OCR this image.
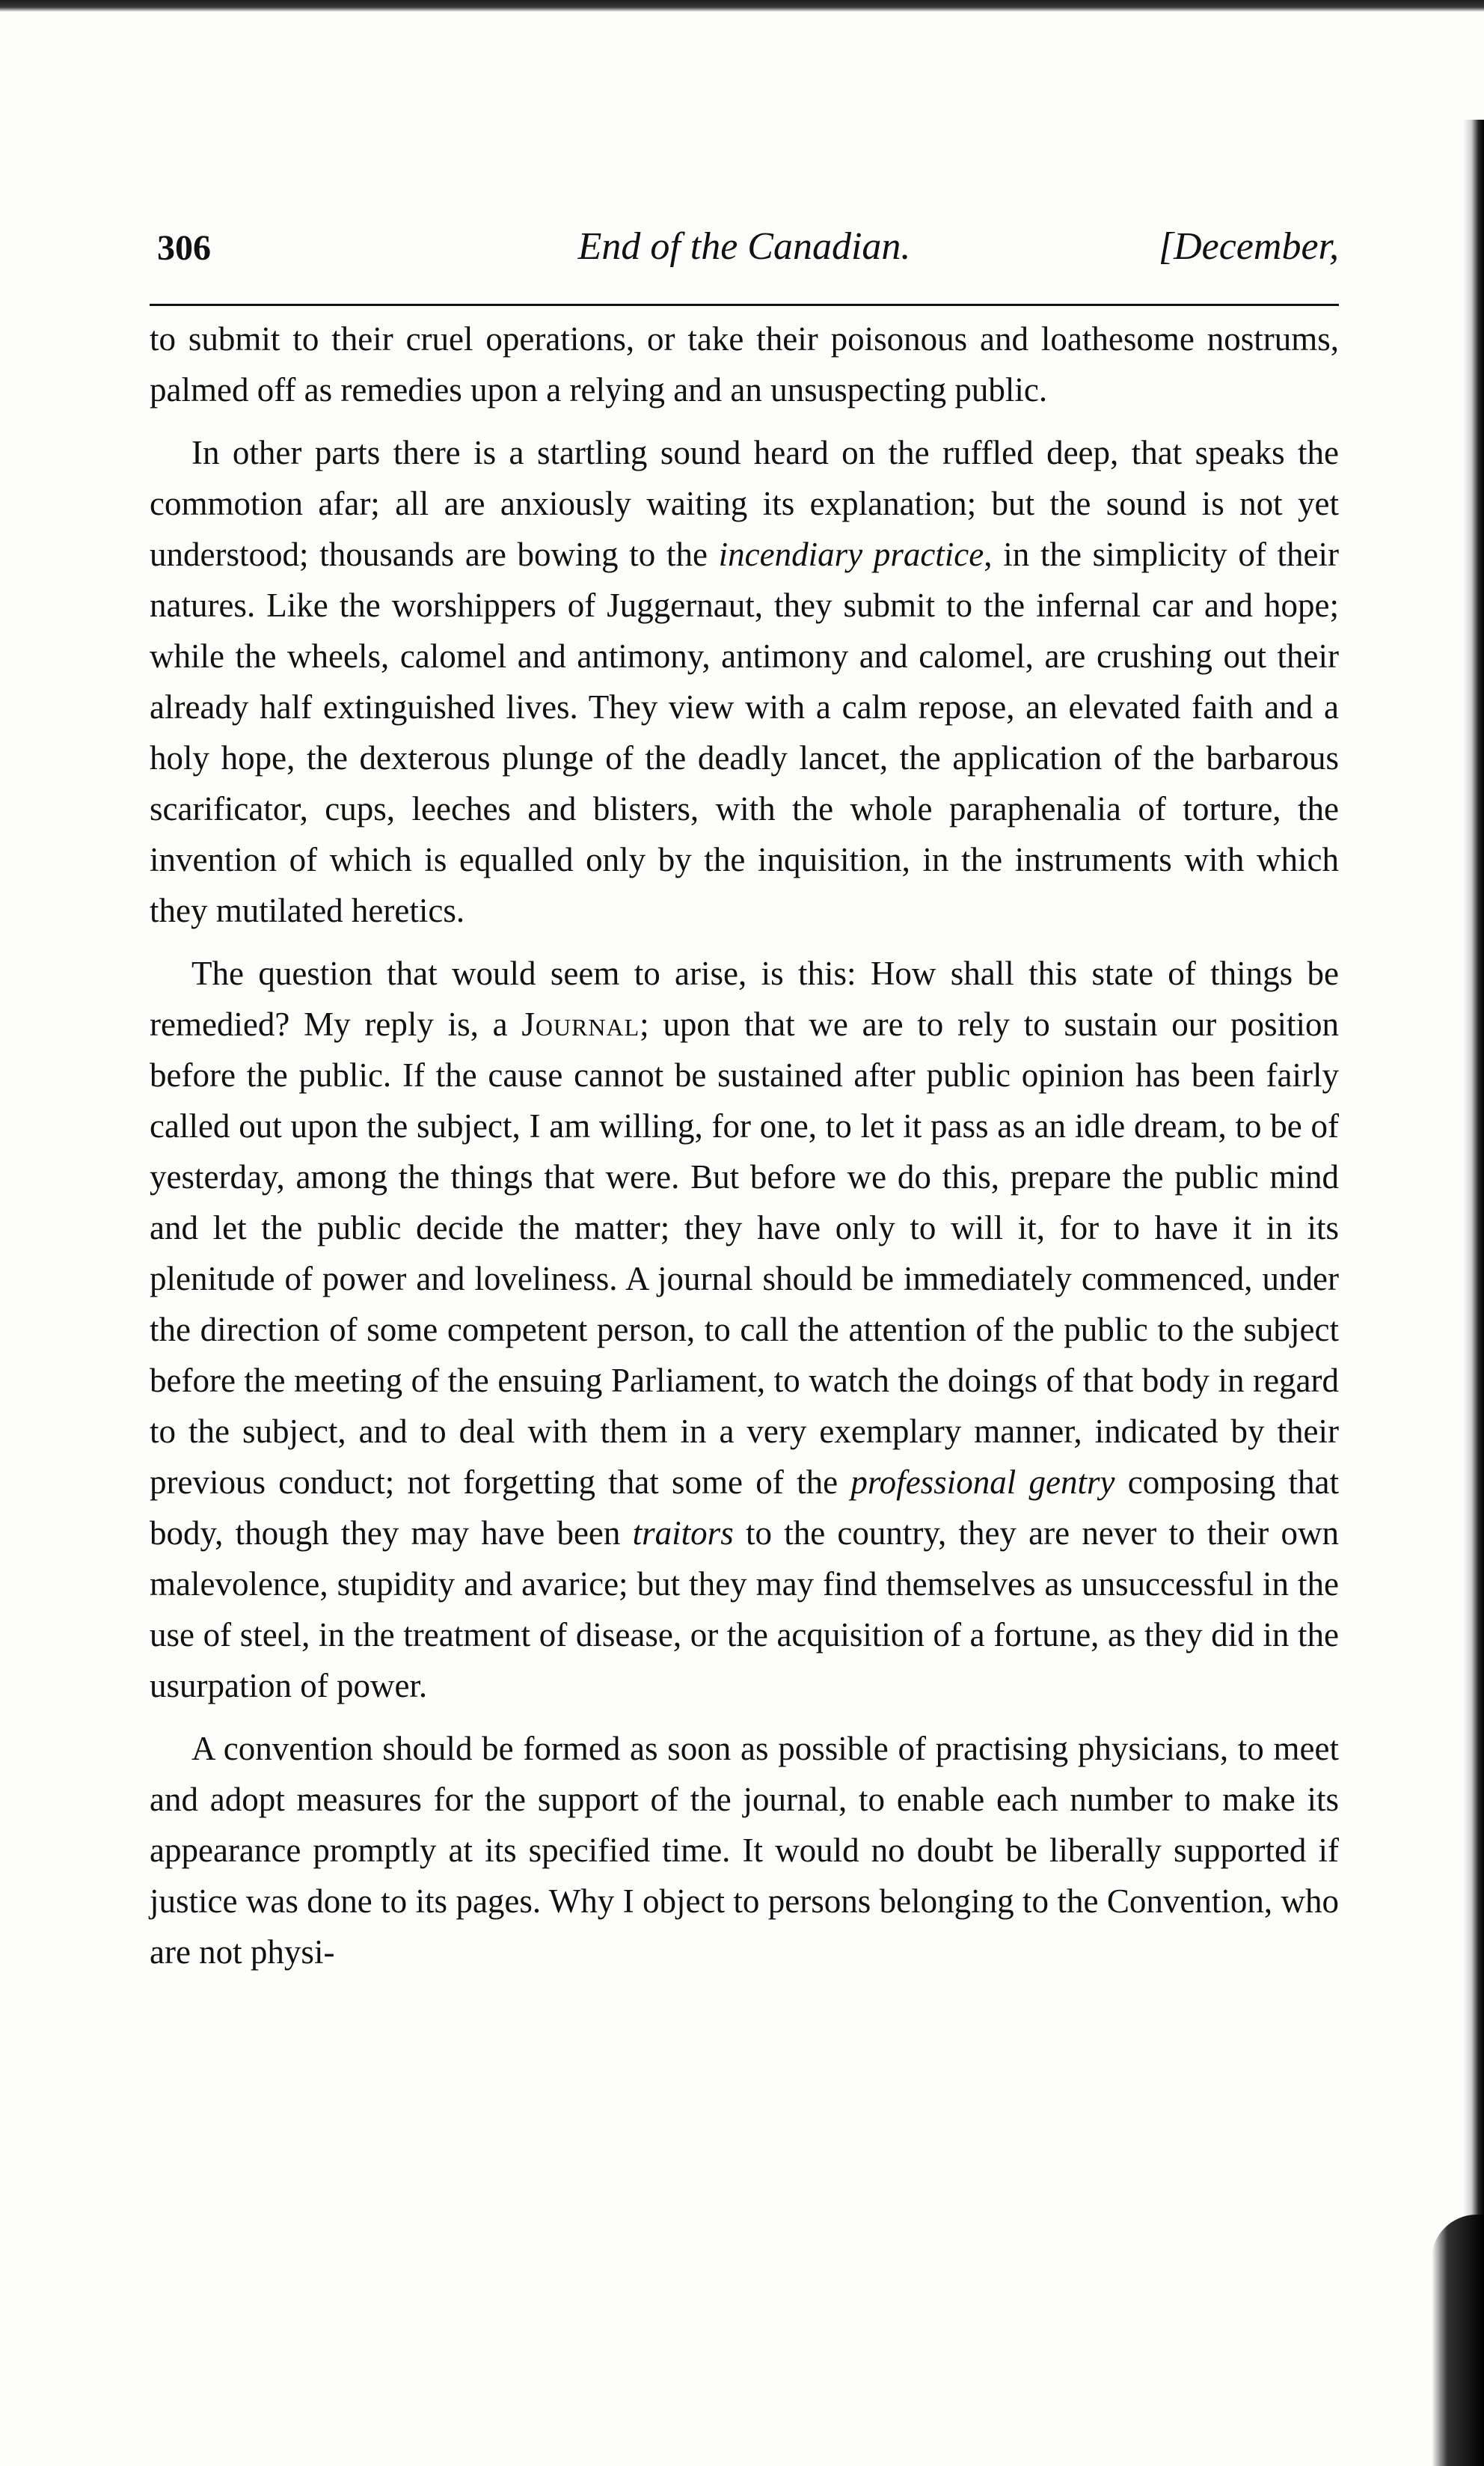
306	End of the Canadian.	[December,

to submit to their cruel operations, or take their poisonous and loathesome nostrums, palmed off as remedies upon a relying and an unsuspecting public.

In other parts there is a startling sound heard on the ruffled deep, that speaks the commotion afar; all are anxiously waiting its explanation; but the sound is not yet understood; thousands are bowing to the incendiary practice, in the simplicity of their natures. Like the worshippers of Juggernaut, they submit to the infernal car and hope; while the wheels, calomel and antimony, antimony and calomel, are crushing out their already half extinguished lives. They view with a calm repose, an elevated faith and a holy hope, the dexterous plunge of the deadly lancet, the application of the barbarous scarificator, cups, leeches and blisters, with the whole paraphenalia of torture, the invention of which is equalled only by the inquisition, in the instruments with which they mutilated heretics.

The question that would seem to arise, is this: How shall this state of things be remedied? My reply is, a Journal; upon that we are to rely to sustain our position before the public. If the cause cannot be sustained after public opinion has been fairly called out upon the subject, I am willing, for one, to let it pass as an idle dream, to be of yesterday, among the things that were. But before we do this, prepare the public mind and let the public decide the matter; they have only to will it, for to have it in its plenitude of power and loveliness. A journal should be immediately commenced, under the direction of some competent person, to call the attention of the public to the subject before the meeting of the ensuing Parliament, to watch the doings of that body in regard to the subject, and to deal with them in a very exemplary manner, indicated by their previous conduct; not forgetting that some of the professional gentry composing that body, though they may have been traitors to the country, they are never to their own malevolence, stupidity and avarice; but they may find themselves as unsuccessful in the use of steel, in the treatment of disease, or the acquisition of a fortune, as they did in the usurpation of power.

A convention should be formed as soon as possible of practising physicians, to meet and adopt measures for the support of the journal, to enable each number to make its appearance promptly at its specified time. It would no doubt be liberally supported if justice was done to its pages. Why I object to persons belonging to the Convention, who are not physi-
